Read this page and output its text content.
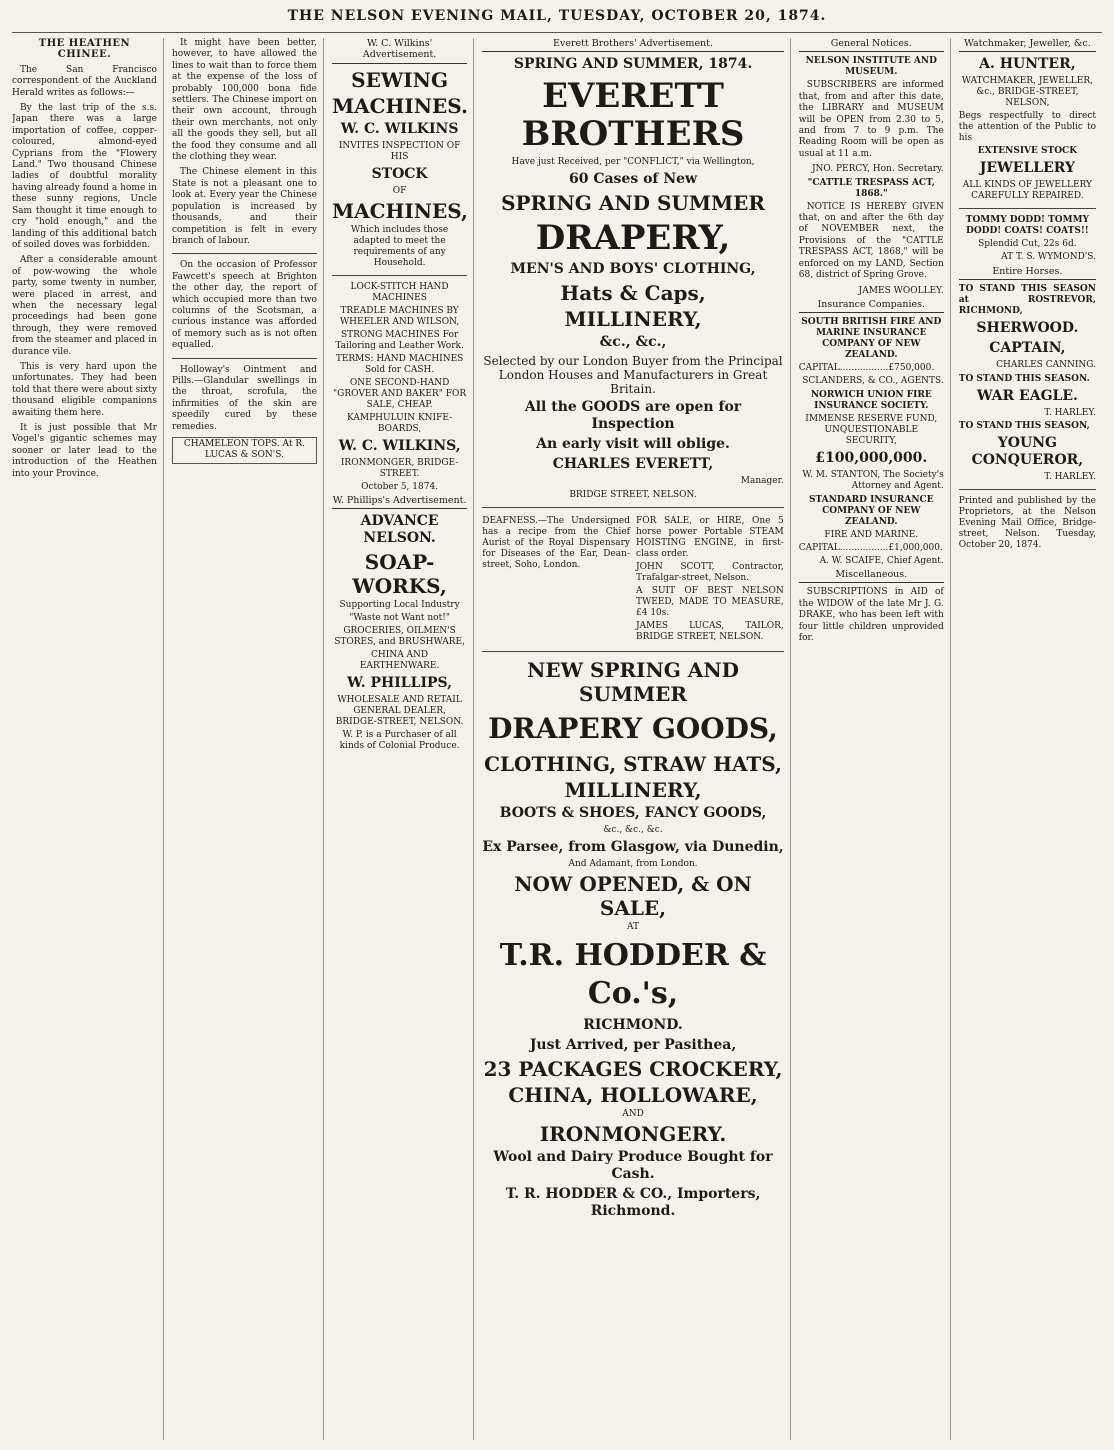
THE NELSON EVENING MAIL, TUESDAY, OCTOBER 20, 1874.
THE HEATHEN CHINEE.

The San Francisco correspondent of the Auckland Herald writes as follows:—

By the last trip of the s.s. Japan there was a large importation of coffee, copper-coloured, almond-eyed Cyprians from the "Flowery Land." Two thousand Chinese ladies of doubtful morality having already found a home in these sunny regions, Uncle Sam thought it time enough to cry "hold enough," and the landing of this additional batch of soiled doves was forbidden.

After a considerable amount of pow-wowing the whole party, some twenty in number, were placed in arrest, and when the necessary legal proceedings had been gone through, they were removed from the steamer and placed in durance vile.

This is very hard upon the unfortunates. They had been told that there were about sixty thousand eligible companions awaiting them here.

It is just possible that Mr Vogel's gigantic schemes may sooner or later lead to the introduction of the Heathen into your Province.

It might have been better, however, to have allowed the lines to wait than to force them at the expense of the loss of probably 100,000 bona fide settlers. The Chinese import on their own account, through their own merchants, not only all the goods they sell, but all the food they consume and all the clothing they wear.

The Chinese element in this State is not a pleasant one to look at. Every year the Chinese population is increased by thousands, and their competition is felt in every branch of labour.

On the occasion of Professor Fawcett's speech at Brighton the other day, the report of which occupied more than two columns of the Scotsman, a curious instance was afforded of memory such as is not often equalled.

Holloway's Ointment and Pills.—Glandular swellings in the throat, scrofula, the infirmities of the skin are speedily cured by these remedies.

CHAMELEON TOPS. At R. LUCAS & SON'S.
W. C. Wilkins' Advertisement.
SEWING
MACHINES.
W. C. WILKINS
INVITES INSPECTION OF HIS
STOCK
OF
MACHINES,
Which includes those adapted to meet the requirements of any Household.
LOCK-STITCH HAND MACHINES
TREADLE MACHINES BY WHEELER AND WILSON,
STRONG MACHINES For Tailoring and Leather Work.
TERMS: HAND MACHINES Sold for CASH.
ONE SECOND-HAND "GROVER AND BAKER" FOR SALE, CHEAP.
KAMPHULUIN KNIFE-BOARDS,
W. C. WILKINS,
IRONMONGER, BRIDGE-STREET.
October 5, 1874.
W. Phillips's Advertisement.
ADVANCE NELSON.
SOAP-WORKS,
Supporting Local Industry
"Waste not Want not!"
GROCERIES, OILMEN'S STORES, and BRUSHWARE,
CHINA AND EARTHENWARE.
W. PHILLIPS,
WHOLESALE AND RETAIL GENERAL DEALER, BRIDGE-STREET, NELSON.
W. P. is a Purchaser of all kinds of Colonial Produce.
Everett Brothers' Advertisement.
SPRING AND SUMMER, 1874.
EVERETT BROTHERS
Have just Received, per "CONFLICT," via Wellington,
60 Cases of New
SPRING AND SUMMER
DRAPERY,
MEN'S AND BOYS' CLOTHING,
Hats & Caps,
MILLINERY,
&c., &c.,
Selected by our London Buyer from the Principal London Houses and Manufacturers in Great Britain.
All the GOODS are open for Inspection
An early visit will oblige.
CHARLES EVERETT,
Manager.
BRIDGE STREET, NELSON.
DEAFNESS.—The Undersigned has a recipe from the Chief Aurist of the Royal Dispensary for Diseases of the Ear, Dean-street, Soho, London.
FOR SALE, or HIRE, One 5 horse power Portable STEAM HOISTING ENGINE, in first-class order.
JOHN SCOTT, Contractor, Trafalgar-street, Nelson.
A SUIT OF BEST NELSON TWEED, MADE TO MEASURE, £4 10s.
JAMES LUCAS, TAILOR, BRIDGE STREET, NELSON.
NEW SPRING AND SUMMER
DRAPERY GOODS,
CLOTHING, STRAW HATS,
MILLINERY,
BOOTS & SHOES, FANCY GOODS,
&c., &c., &c.
Ex Parsee, from Glasgow, via Dunedin,
And Adamant, from London.
NOW OPENED, & ON SALE,
AT
T.R. HODDER & Co.'s,
RICHMOND.
Just Arrived, per Pasithea,
23 PACKAGES CROCKERY,
CHINA, HOLLOWARE,
AND
IRONMONGERY.
Wool and Dairy Produce Bought for Cash.
T. R. HODDER & CO., Importers, Richmond.
General Notices.
NELSON INSTITUTE AND MUSEUM.

SUBSCRIBERS are informed that, from and after this date, the LIBRARY and MUSEUM will be OPEN from 2.30 to 5, and from 7 to 9 p.m. The Reading Room will be open as usual at 11 a.m.

JNO. PERCY, Hon. Secretary.
"CATTLE TRESPASS ACT, 1868."

NOTICE IS HEREBY GIVEN that, on and after the 6th day of NOVEMBER next, the Provisions of the "CATTLE TRESPASS ACT, 1868," will be enforced on my LAND, Section 68, district of Spring Grove.

JAMES WOOLLEY.
Insurance Companies.
SOUTH BRITISH FIRE AND MARINE INSURANCE COMPANY OF NEW ZEALAND.
CAPITAL.................£750,000.
SCLANDERS, & CO., AGENTS.
NORWICH UNION FIRE INSURANCE SOCIETY.
IMMENSE RESERVE FUND, UNQUESTIONABLE SECURITY,
£100,000,000.
W. M. STANTON, The Society's Attorney and Agent.
STANDARD INSURANCE COMPANY OF NEW ZEALAND.
FIRE AND MARINE.
CAPITAL.................£1,000,000.
A. W. SCAIFE, Chief Agent.
Miscellaneous.

SUBSCRIPTIONS in AID of the WIDOW of the late Mr J. G. DRAKE, who has been left with four little children unprovided for.

Watchmaker, Jeweller, &c.
A. HUNTER,
WATCHMAKER, JEWELLER, &c., BRIDGE-STREET, NELSON,
Begs respectfully to direct the attention of the Public to his
EXTENSIVE STOCK
JEWELLERY
ALL KINDS OF JEWELLERY CAREFULLY REPAIRED.
TOMMY DODD! TOMMY DODD! COATS! COATS!!
Splendid Cut, 22s 6d.
AT T. S. WYMOND'S.
Entire Horses.
TO STAND THIS SEASON at ROSTREVOR, RICHMOND,
SHERWOOD.
CAPTAIN,
CHARLES CANNING.
TO STAND THIS SEASON.
WAR EAGLE.
T. HARLEY.
TO STAND THIS SEASON,
YOUNG CONQUEROR,
T. HARLEY.
Printed and published by the Proprietors, at the Nelson Evening Mail Office, Bridge-street, Nelson. Tuesday, October 20, 1874.
